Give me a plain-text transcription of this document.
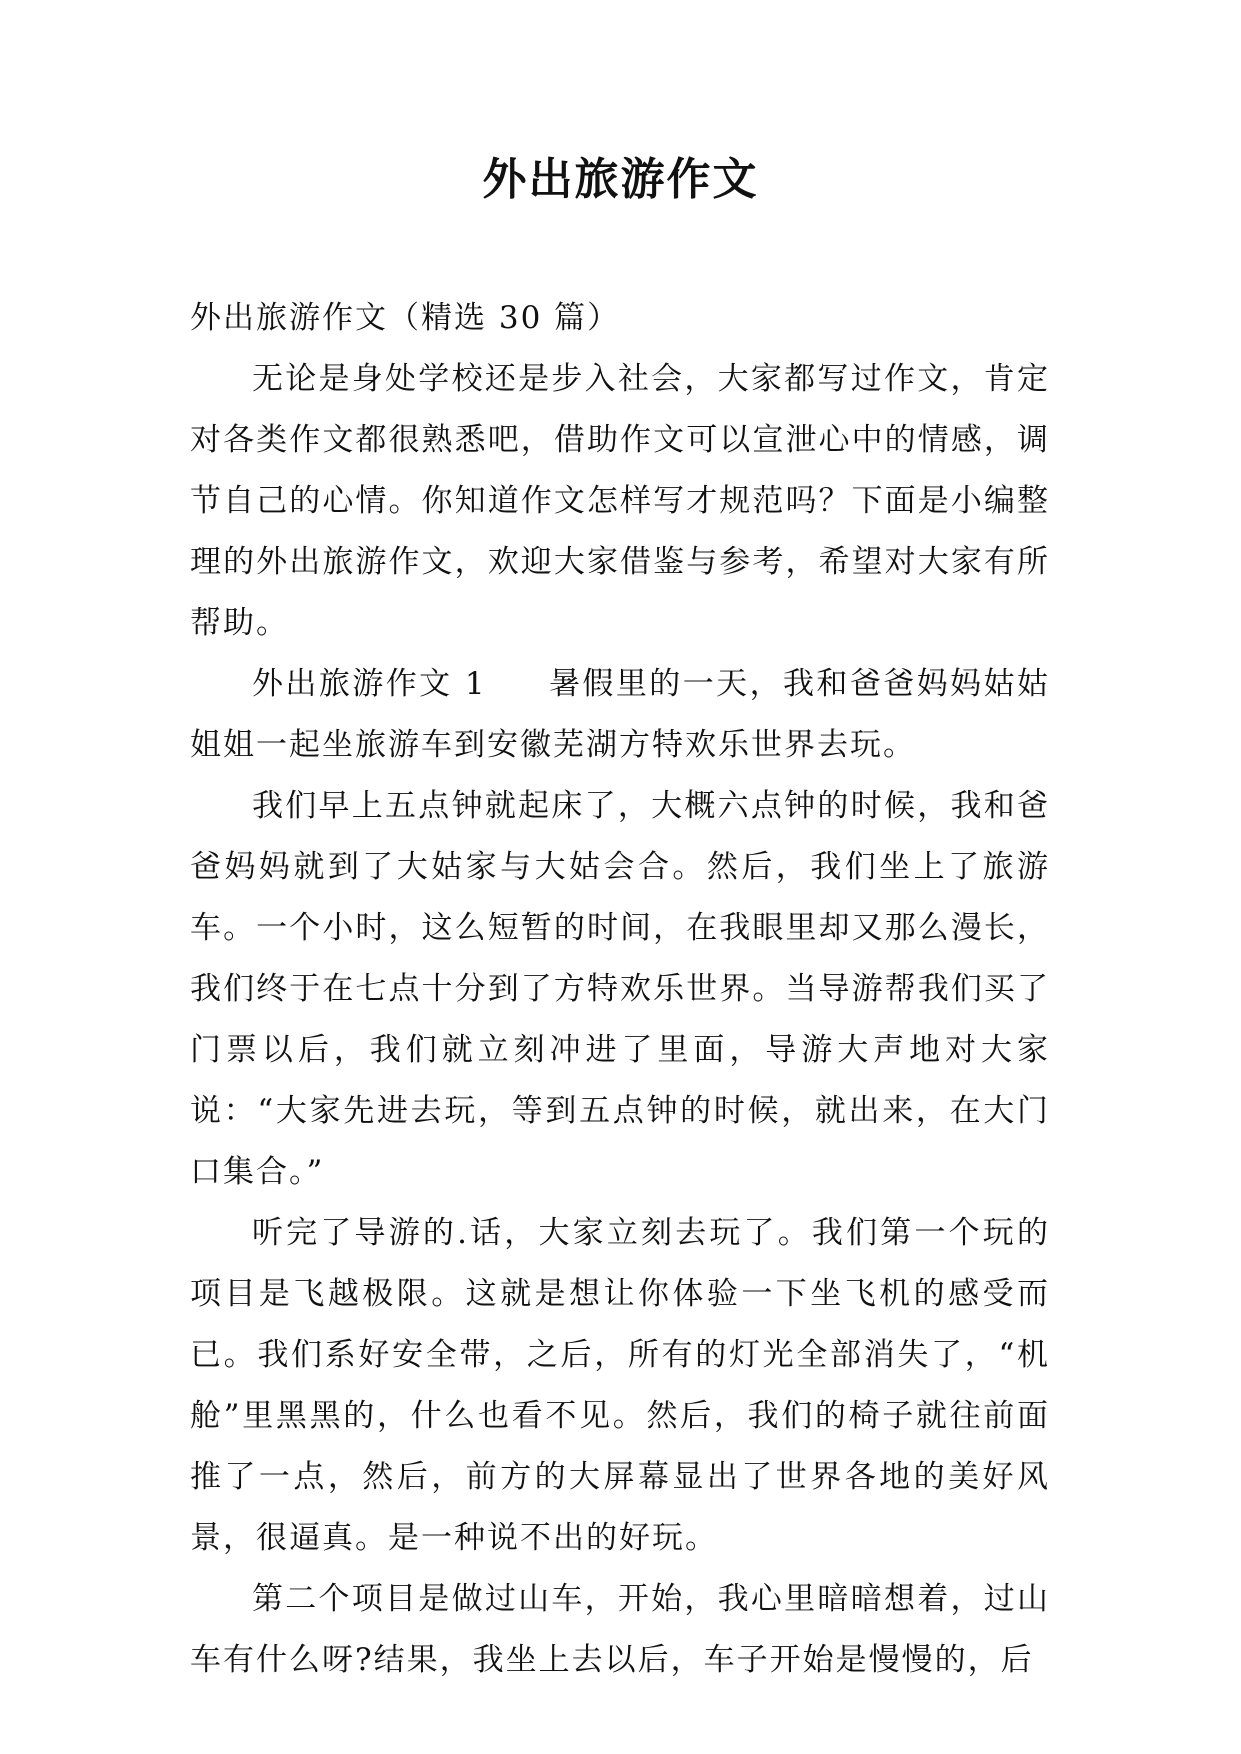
外出旅游作文

外出旅游作文（精选 30 篇）

无论是身处学校还是步入社会，大家都写过作文，肯定对各类作文都很熟悉吧，借助作文可以宣泄心中的情感，调节自己的心情。你知道作文怎样写才规范吗？下面是小编整理的外出旅游作文，欢迎大家借鉴与参考，希望对大家有所帮助。

外出旅游作文 1 暑假里的一天，我和爸爸妈妈姑姑姐姐一起坐旅游车到安徽芜湖方特欢乐世界去玩。

我们早上五点钟就起床了，大概六点钟的时候，我和爸爸妈妈就到了大姑家与大姑会合。然后，我们坐上了旅游车。一个小时，这么短暂的时间，在我眼里却又那么漫长，我们终于在七点十分到了方特欢乐世界。当导游帮我们买了门票以后，我们就立刻冲进了里面，导游大声地对大家说：“大家先进去玩，等到五点钟的时候，就出来，在大门口集合。”

听完了导游的.话，大家立刻去玩了。我们第一个玩的项目是飞越极限。这就是想让你体验一下坐飞机的感受而已。我们系好安全带，之后，所有的灯光全部消失了，“机舱”里黑黑的，什么也看不见。然后，我们的椅子就往前面推了一点，然后，前方的大屏幕显出了世界各地的美好风景，很逼真。是一种说不出的好玩。

第二个项目是做过山车，开始，我心里暗暗想着，过山车有什么呀?结果，我坐上去以后，车子开始是慢慢的，后
